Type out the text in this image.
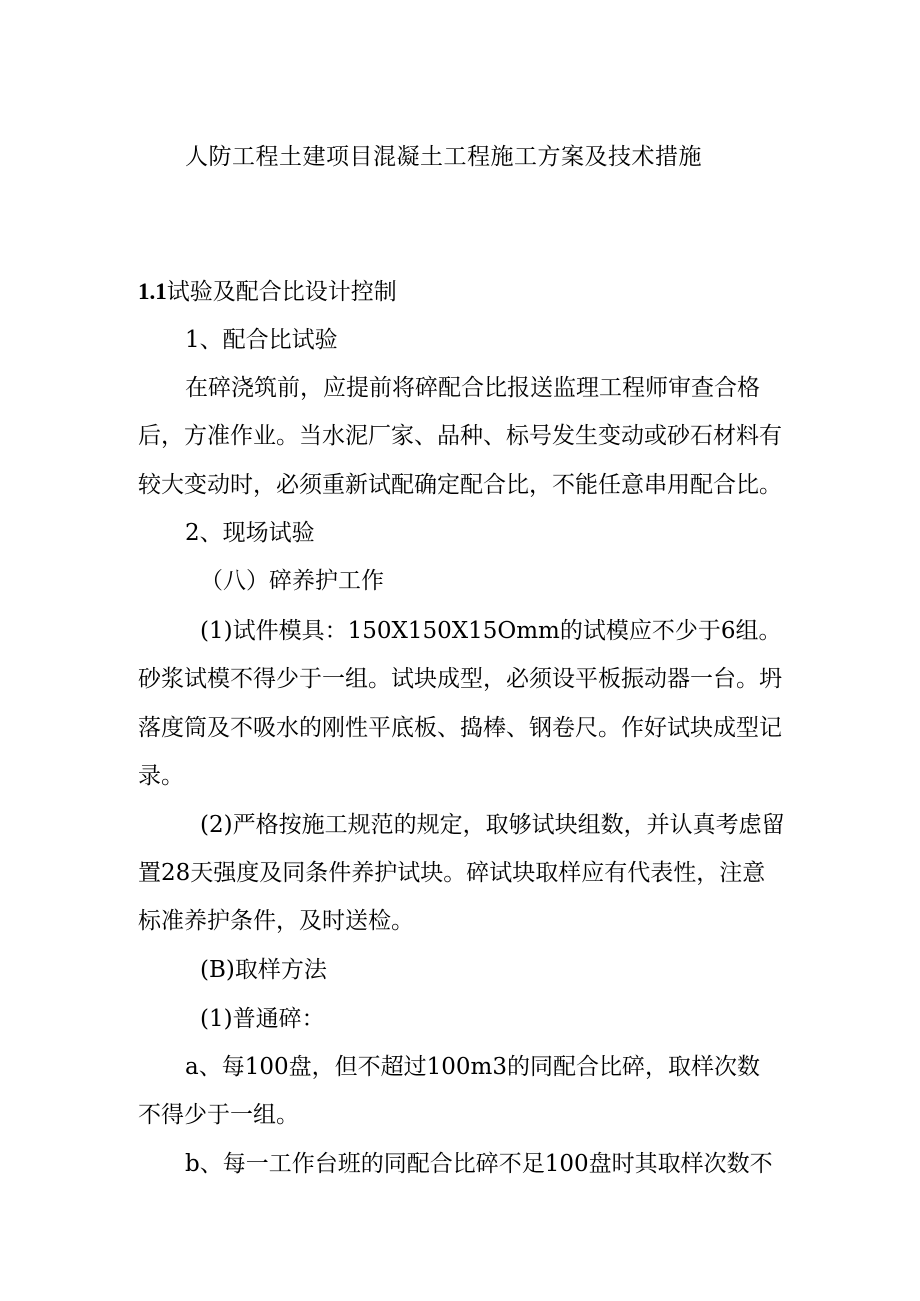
人防工程土建项目混凝土工程施工方案及技术措施
1.1试验及配合比设计控制
1、配合比试验
在碎浇筑前，应提前将碎配合比报送监理工程师审查合格
后，方准作业。当水泥厂家、品种、标号发生变动或砂石材料有
较大变动时，必须重新试配确定配合比，不能任意串用配合比。
2、现场试验
（八）碎养护工作
(1)试件模具：150X150X15Omm的试模应不少于6组。
砂浆试模不得少于一组。试块成型，必须设平板振动器一台。坍
落度筒及不吸水的刚性平底板、捣棒、钢卷尺。作好试块成型记
录。
(2)严格按施工规范的规定，取够试块组数，并认真考虑留
置28天强度及同条件养护试块。碎试块取样应有代表性，注意
标准养护条件，及时送检。
(B)取样方法
(1)普通碎：
a、每100盘，但不超过100m3的同配合比碎，取样次数
不得少于一组。
b、每一工作台班的同配合比碎不足100盘时其取样次数不
